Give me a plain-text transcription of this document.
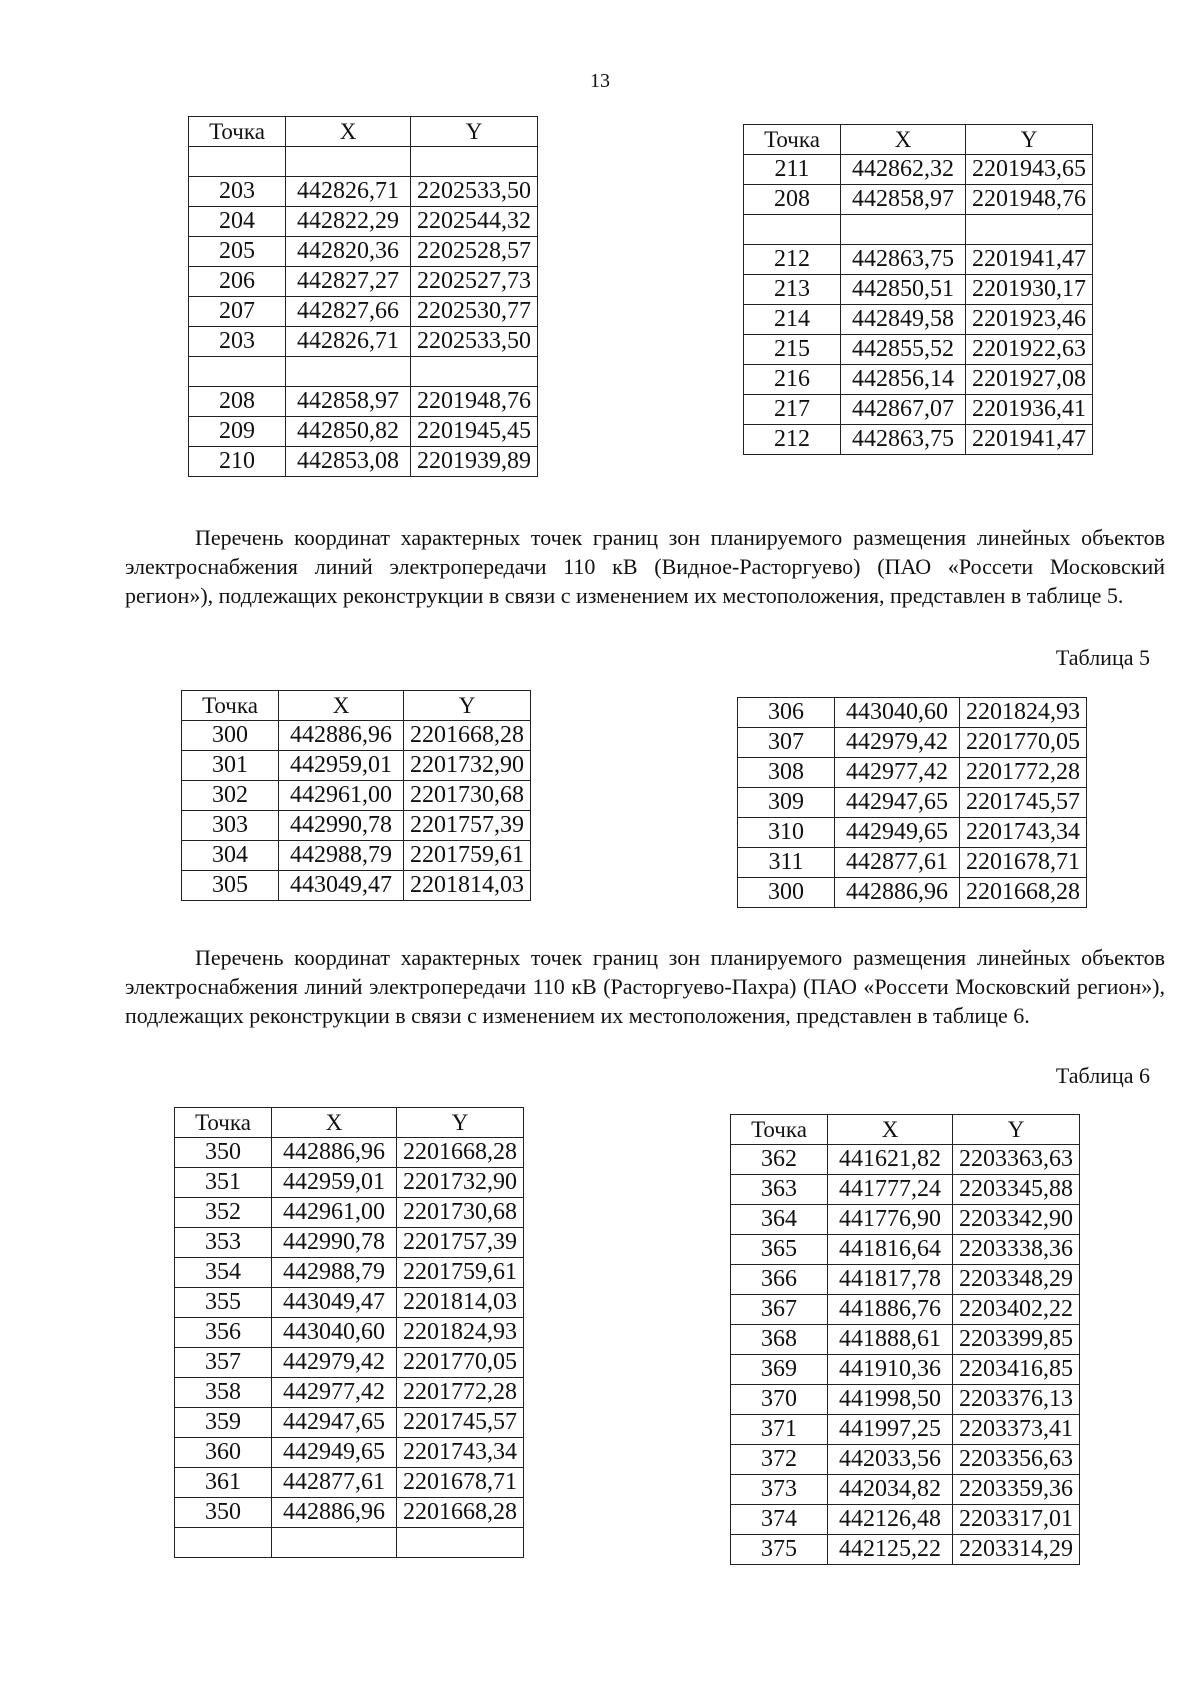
13
Точка	X	Y

203	442826,71	2202533,50
204	442822,29	2202544,32
205	442820,36	2202528,57
206	442827,27	2202527,73
207	442827,66	2202530,77
203	442826,71	2202533,50

208	442858,97	2201948,76
209	442850,82	2201945,45
210	442853,08	2201939,89
Точка	X	Y
211	442862,32	2201943,65
208	442858,97	2201948,76

212	442863,75	2201941,47
213	442850,51	2201930,17
214	442849,58	2201923,46
215	442855,52	2201922,63
216	442856,14	2201927,08
217	442867,07	2201936,41
212	442863,75	2201941,47

Перечень координат характерных точек границ зон планируемого размещения линейных объектов электроснабжения линий электропередачи 110 кВ (Видное-Расторгуево) (ПАО «Россети Московский регион»), подлежащих реконструкции в связи с изменением их местоположения, представлен в таблице 5.

Таблица 5
Точка	X	Y
300	442886,96	2201668,28
301	442959,01	2201732,90
302	442961,00	2201730,68
303	442990,78	2201757,39
304	442988,79	2201759,61
305	443049,47	2201814,03
306	443040,60	2201824,93
307	442979,42	2201770,05
308	442977,42	2201772,28
309	442947,65	2201745,57
310	442949,65	2201743,34
311	442877,61	2201678,71
300	442886,96	2201668,28

Перечень координат характерных точек границ зон планируемого размещения линейных объектов электроснабжения линий электропередачи 110 кВ (Расторгуево-Пахра) (ПАО «Россети Московский регион»), подлежащих реконструкции в связи с изменением их местоположения, представлен в таблице 6.

Таблица 6
Точка	X	Y
350	442886,96	2201668,28
351	442959,01	2201732,90
352	442961,00	2201730,68
353	442990,78	2201757,39
354	442988,79	2201759,61
355	443049,47	2201814,03
356	443040,60	2201824,93
357	442979,42	2201770,05
358	442977,42	2201772,28
359	442947,65	2201745,57
360	442949,65	2201743,34
361	442877,61	2201678,71
350	442886,96	2201668,28

Точка	X	Y
362	441621,82	2203363,63
363	441777,24	2203345,88
364	441776,90	2203342,90
365	441816,64	2203338,36
366	441817,78	2203348,29
367	441886,76	2203402,22
368	441888,61	2203399,85
369	441910,36	2203416,85
370	441998,50	2203376,13
371	441997,25	2203373,41
372	442033,56	2203356,63
373	442034,82	2203359,36
374	442126,48	2203317,01
375	442125,22	2203314,29
